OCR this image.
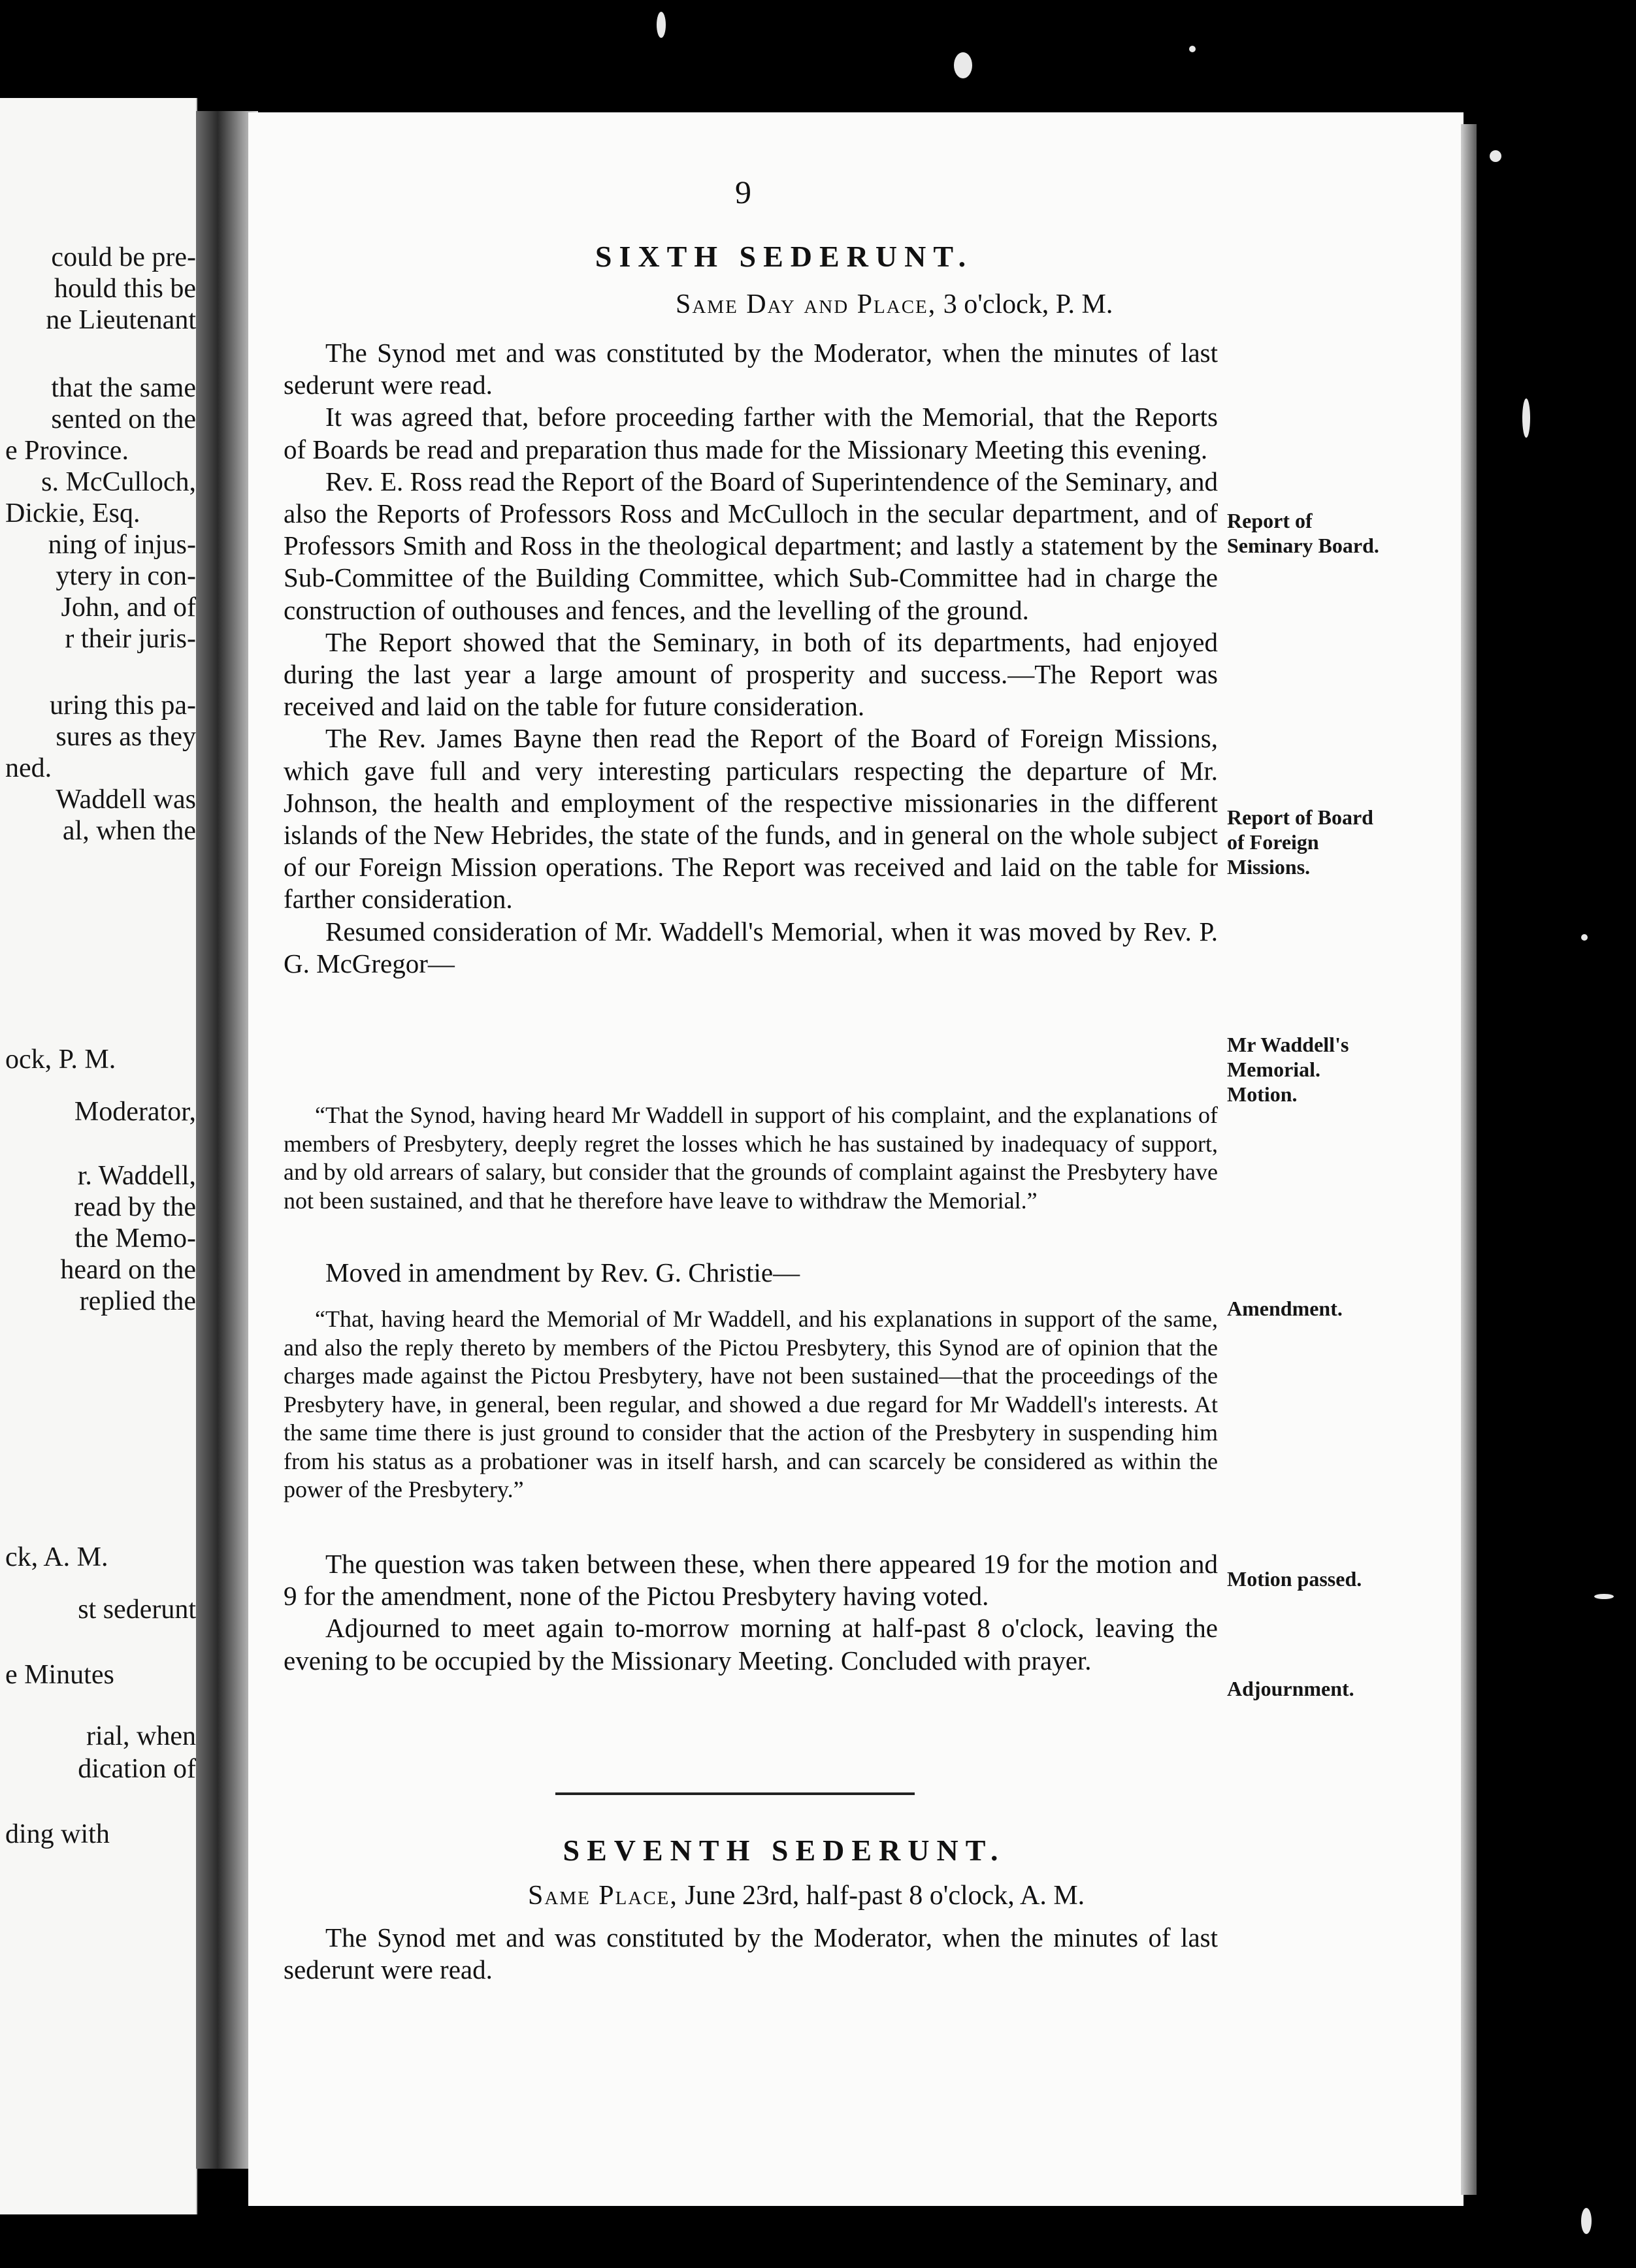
could be pre-
hould this be
ne Lieutenant
that the same
sented on the
e Province.
s. McCulloch,
Dickie, Esq.
ning of injus-
ytery in con-
John, and of
r their juris-
uring this pa-
sures as they
ned.
Waddell was
al, when the
ock, P. M.
Moderator,
r. Waddell,
read by the
the Memo-
heard on the
replied the
ck, A. M.
st sederunt
e Minutes
rial, when
dication of
ding with
9
SIXTH SEDERUNT.
Same Day and Place, 3 o'clock, P. M.

The Synod met and was constituted by the Moderator, when the minutes of last sederunt were read.

It was agreed that, before proceeding farther with the Memorial, that the Reports of Boards be read and preparation thus made for the Missionary Meeting this evening.

Rev. E. Ross read the Report of the Board of Superintendence of the Seminary, and also the Reports of Professors Ross and McCulloch in the secular department, and of Professors Smith and Ross in the theological department; and lastly a statement by the Sub-Committee of the Building Committee, which Sub-Committee had in charge the construction of outhouses and fences, and the levelling of the ground.

The Report showed that the Seminary, in both of its departments, had enjoyed during the last year a large amount of prosperity and success.—The Report was received and laid on the table for future consideration.

The Rev. James Bayne then read the Report of the Board of Foreign Missions, which gave full and very interesting particulars respecting the departure of Mr. Johnson, the health and employment of the respective missionaries in the different islands of the New Hebrides, the state of the funds, and in general on the whole subject of our Foreign Mission operations. The Report was received and laid on the table for farther consideration.

Resumed consideration of Mr. Waddell's Memorial, when it was moved by Rev. P. G. McGregor—

“That the Synod, having heard Mr Waddell in support of his complaint, and the explanations of members of Presbytery, deeply regret the losses which he has sustained by inadequacy of support, and by old arrears of salary, but consider that the grounds of complaint against the Presbytery have not been sustained, and that he therefore have leave to withdraw the Memorial.”

Moved in amendment by Rev. G. Christie—

“That, having heard the Memorial of Mr Waddell, and his explanations in support of the same, and also the reply thereto by members of the Pictou Presbytery, this Synod are of opinion that the charges made against the Pictou Presbytery, have not been sustained—that the proceedings of the Presbytery have, in general, been regular, and showed a due regard for Mr Waddell's interests. At the same time there is just ground to consider that the action of the Presbytery in suspending him from his status as a probationer was in itself harsh, and can scarcely be considered as within the power of the Presbytery.”

The question was taken between these, when there appeared 19 for the motion and 9 for the amendment, none of the Pictou Presbytery having voted.

Adjourned to meet again to-morrow morning at half-past 8 o'clock, leaving the evening to be occupied by the Missionary Meeting. Concluded with prayer.

Report of Seminary Board.
Report of Board of Foreign Missions.
Mr Waddell's Memorial. Motion.
Amendment.
Motion passed.
Adjournment.
SEVENTH SEDERUNT.
Same Place, June 23rd, half-past 8 o'clock, A. M.

The Synod met and was constituted by the Moderator, when the minutes of last sederunt were read.
